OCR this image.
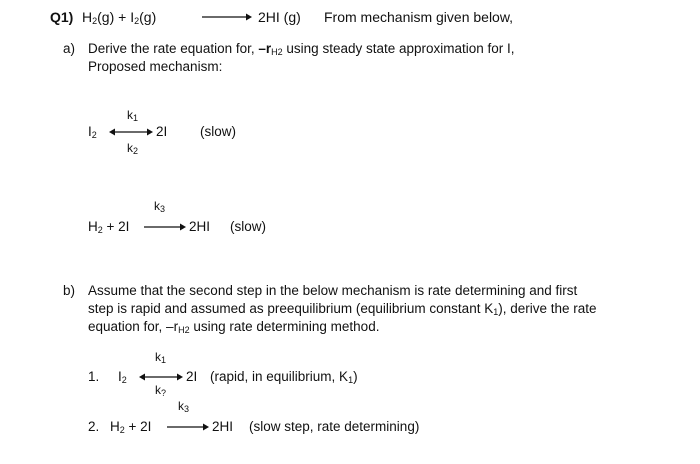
Q1) $H_2(g) + I_2(g)$	2HI (g) From mechanism given below,
a) Derive the rate equation for, $-r_{H2}$ using steady state approximation for I,
Proposed mechanism:
k1
$I_2$	2I (slow)
k2
k3
$H_2 + 2I$	2HI (slow)
b) Assume that the second step in the below mechanism is rate determining and first
step is rapid and assumed as preequilibrium (equilibrium constant $K_1$), derive the rate
equation for, $-r_{H2}$ using rate determining method.
k1
1. $I_2$	2I (rapid, in equilibrium, $K_1$)
k?
k3
2. $H_2 + 2I$	2HI (slow step, rate determining)
